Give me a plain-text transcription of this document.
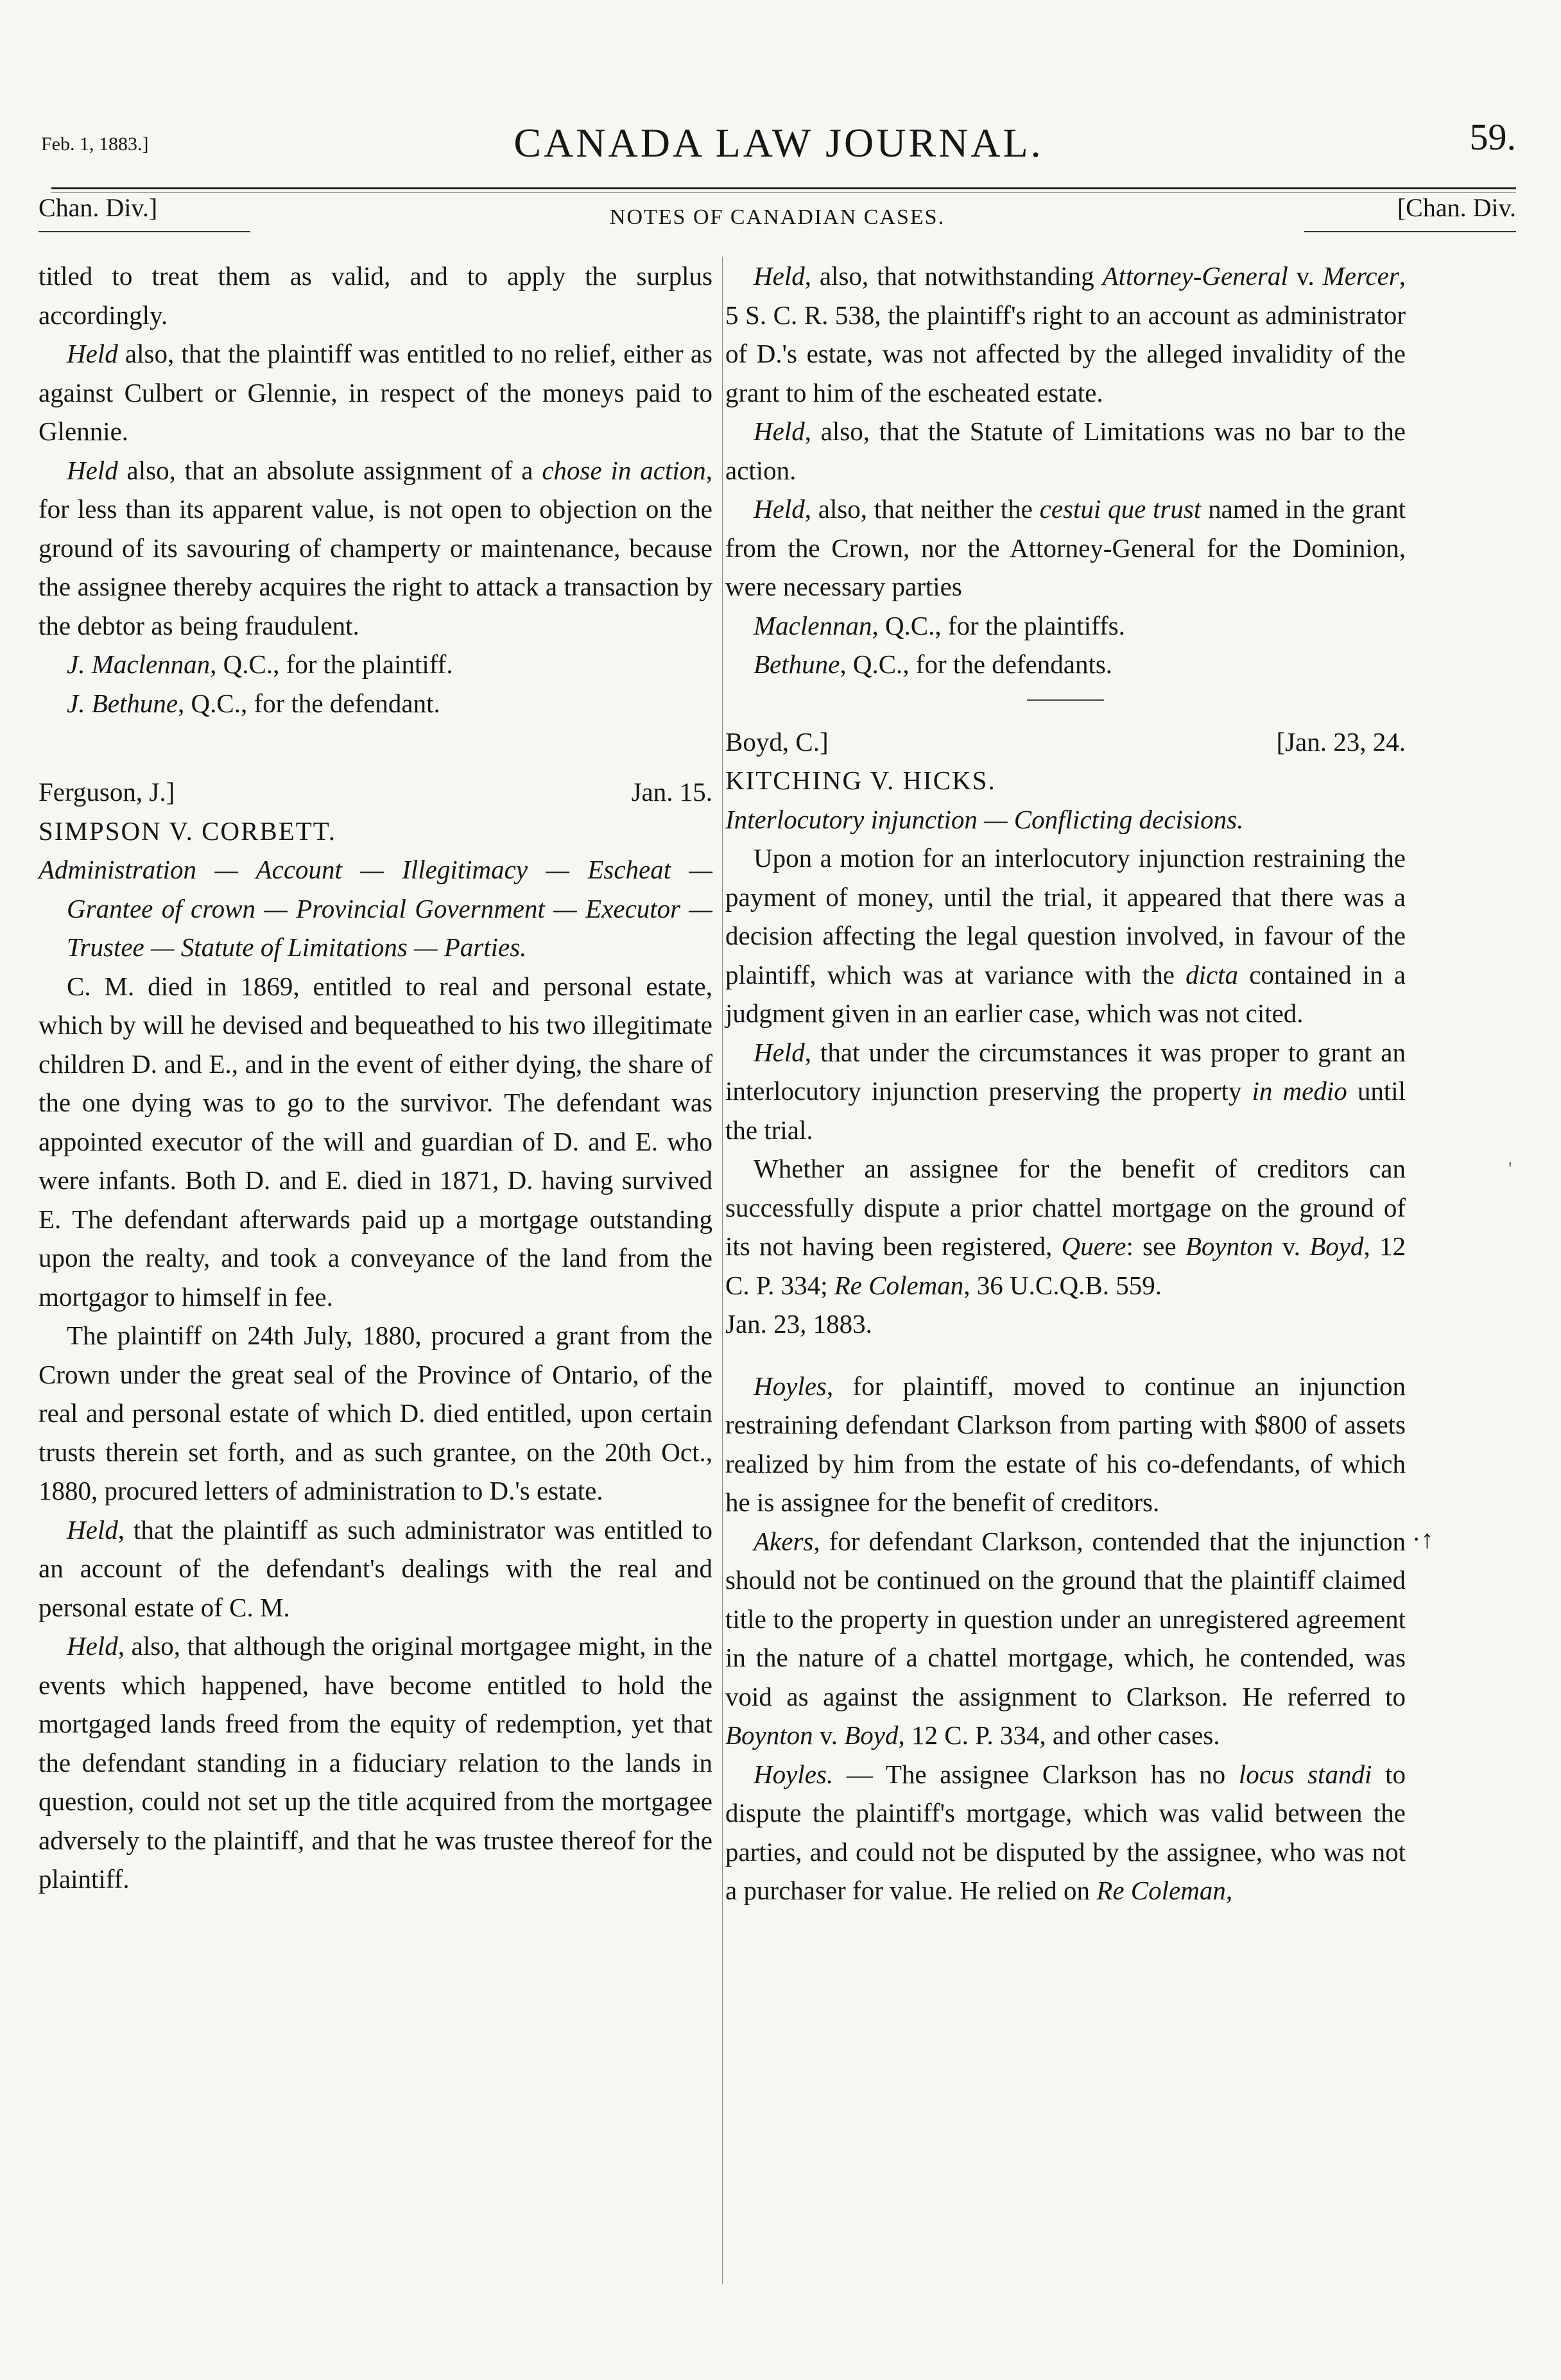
Feb. 1, 1883.]	CANADA LAW JOURNAL.	59.
Chan. Div.]	NOTES OF CANADIAN CASES.	[Chan. Div.

titled to treat them as valid, and to apply the surplus accordingly.

Held also, that the plaintiff was entitled to no relief, either as against Culbert or Glennie, in respect of the moneys paid to Glennie.

Held also, that an absolute assignment of a chose in action, for less than its apparent value, is not open to objection on the ground of its savouring of champerty or maintenance, because the assignee thereby acquires the right to attack a transaction by the debtor as being fraudulent.

J. Maclennan, Q.C., for the plaintiff.

J. Bethune, Q.C., for the defendant.

Ferguson, J.]	Jan. 15.

SIMPSON V. CORBETT.

Administration — Account — Illegitimacy — Escheat — Grantee of crown — Provincial Government — Executor — Trustee — Statute of Limitations — Parties.

C. M. died in 1869, entitled to real and personal estate, which by will he devised and bequeathed to his two illegitimate children D. and E., and in the event of either dying, the share of the one dying was to go to the survivor. The defendant was appointed executor of the will and guardian of D. and E. who were infants. Both D. and E. died in 1871, D. having survived E. The defendant afterwards paid up a mortgage outstanding upon the realty, and took a conveyance of the land from the mortgagor to himself in fee.

The plaintiff on 24th July, 1880, procured a grant from the Crown under the great seal of the Province of Ontario, of the real and personal estate of which D. died entitled, upon certain trusts therein set forth, and as such grantee, on the 20th Oct., 1880, procured letters of administration to D.'s estate.

Held, that the plaintiff as such administrator was entitled to an account of the defendant's dealings with the real and personal estate of C. M.

Held, also, that although the original mortgagee might, in the events which happened, have become entitled to hold the mortgaged lands freed from the equity of redemption, yet that the defendant standing in a fiduciary relation to the lands in question, could not set up the title acquired from the mortgagee adversely to the plaintiff, and that he was trustee thereof for the plaintiff.

Held, also, that notwithstanding Attorney-General v. Mercer, 5 S. C. R. 538, the plaintiff's right to an account as administrator of D.'s estate, was not affected by the alleged invalidity of the grant to him of the escheated estate.

Held, also, that the Statute of Limitations was no bar to the action.

Held, also, that neither the cestui que trust named in the grant from the Crown, nor the Attorney-General for the Dominion, were necessary parties

Maclennan, Q.C., for the plaintiffs.

Bethune, Q.C., for the defendants.

Boyd, C.]	[Jan. 23, 24.

KITCHING V. HICKS.

Interlocutory injunction — Conflicting decisions.

Upon a motion for an interlocutory injunction restraining the payment of money, until the trial, it appeared that there was a decision affecting the legal question involved, in favour of the plaintiff, which was at variance with the dicta contained in a judgment given in an earlier case, which was not cited.

Held, that under the circumstances it was proper to grant an interlocutory injunction preserving the property in medio until the trial.

Whether an assignee for the benefit of creditors can successfully dispute a prior chattel mortgage on the ground of its not having been registered, Quere: see Boynton v. Boyd, 12 C. P. 334; Re Coleman, 36 U.C.Q.B. 559.

Jan. 23, 1883.

Hoyles, for plaintiff, moved to continue an injunction restraining defendant Clarkson from parting with $800 of assets realized by him from the estate of his co-defendants, of which he is assignee for the benefit of creditors.

Akers, for defendant Clarkson, contended that the injunction should not be continued on the ground that the plaintiff claimed title to the property in question under an unregistered agreement in the nature of a chattel mortgage, which, he contended, was void as against the assignment to Clarkson. He referred to Boynton v. Boyd, 12 C. P. 334, and other cases.

Hoyles. — The assignee Clarkson has no locus standi to dispute the plaintiff's mortgage, which was valid between the parties, and could not be disputed by the assignee, who was not a purchaser for value. He relied on Re Coleman,

·↑
'
